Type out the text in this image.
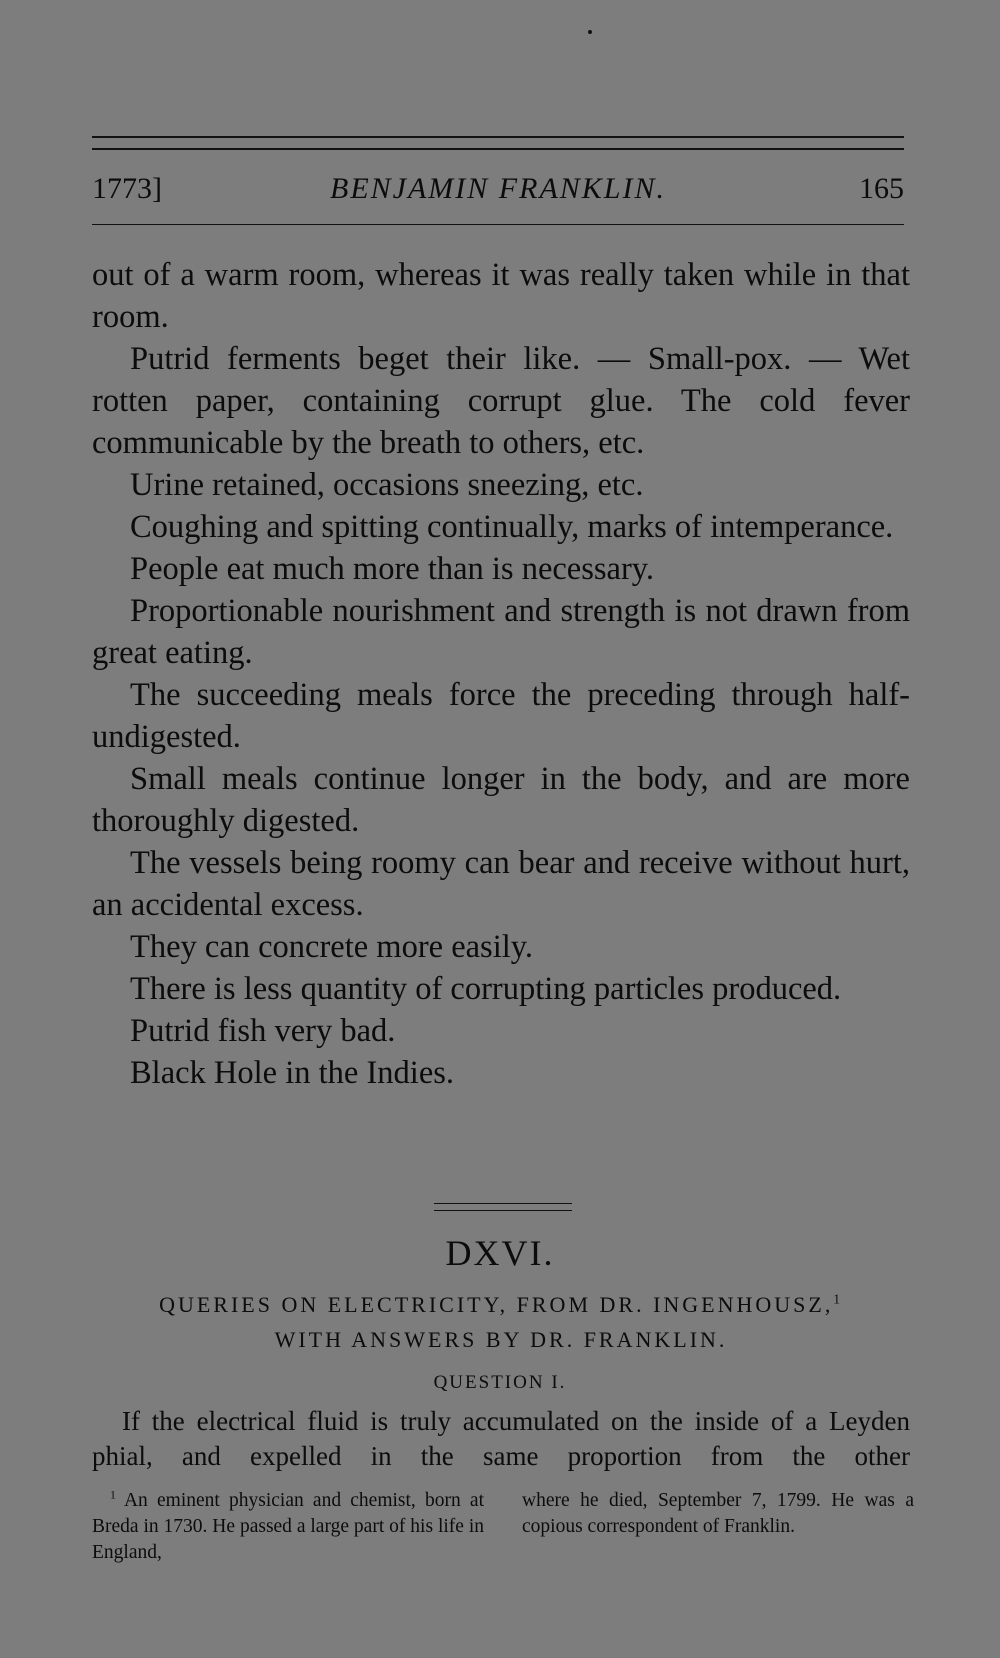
BENJAMIN FRANKLIN.
1773]	165

out of a warm room, whereas it was really taken while in that room.

Putrid ferments beget their like. — Small-pox. — Wet rotten paper, containing corrupt glue. The cold fever communicable by the breath to others, etc.

Urine retained, occasions sneezing, etc.

Coughing and spitting continually, marks of intemperance.

People eat much more than is necessary.

Proportionable nourishment and strength is not drawn from great eating.

The succeeding meals force the preceding through half-undigested.

Small meals continue longer in the body, and are more thoroughly digested.

The vessels being roomy can bear and receive without hurt, an accidental excess.

They can concrete more easily.

There is less quantity of corrupting particles produced.

Putrid fish very bad.

Black Hole in the Indies.

DXVI.
QUERIES ON ELECTRICITY, FROM DR. INGENHOUSZ,$^1$
WITH ANSWERS BY DR. FRANKLIN.
QUESTION I.

If the electrical fluid is truly accumulated on the inside of a Leyden phial, and expelled in the same proportion from the other

$^1$ An eminent physician and chemist, born at Breda in 1730. He passed a large part of his life in England,

where he died, September 7, 1799. He was a copious correspondent of Franklin.
